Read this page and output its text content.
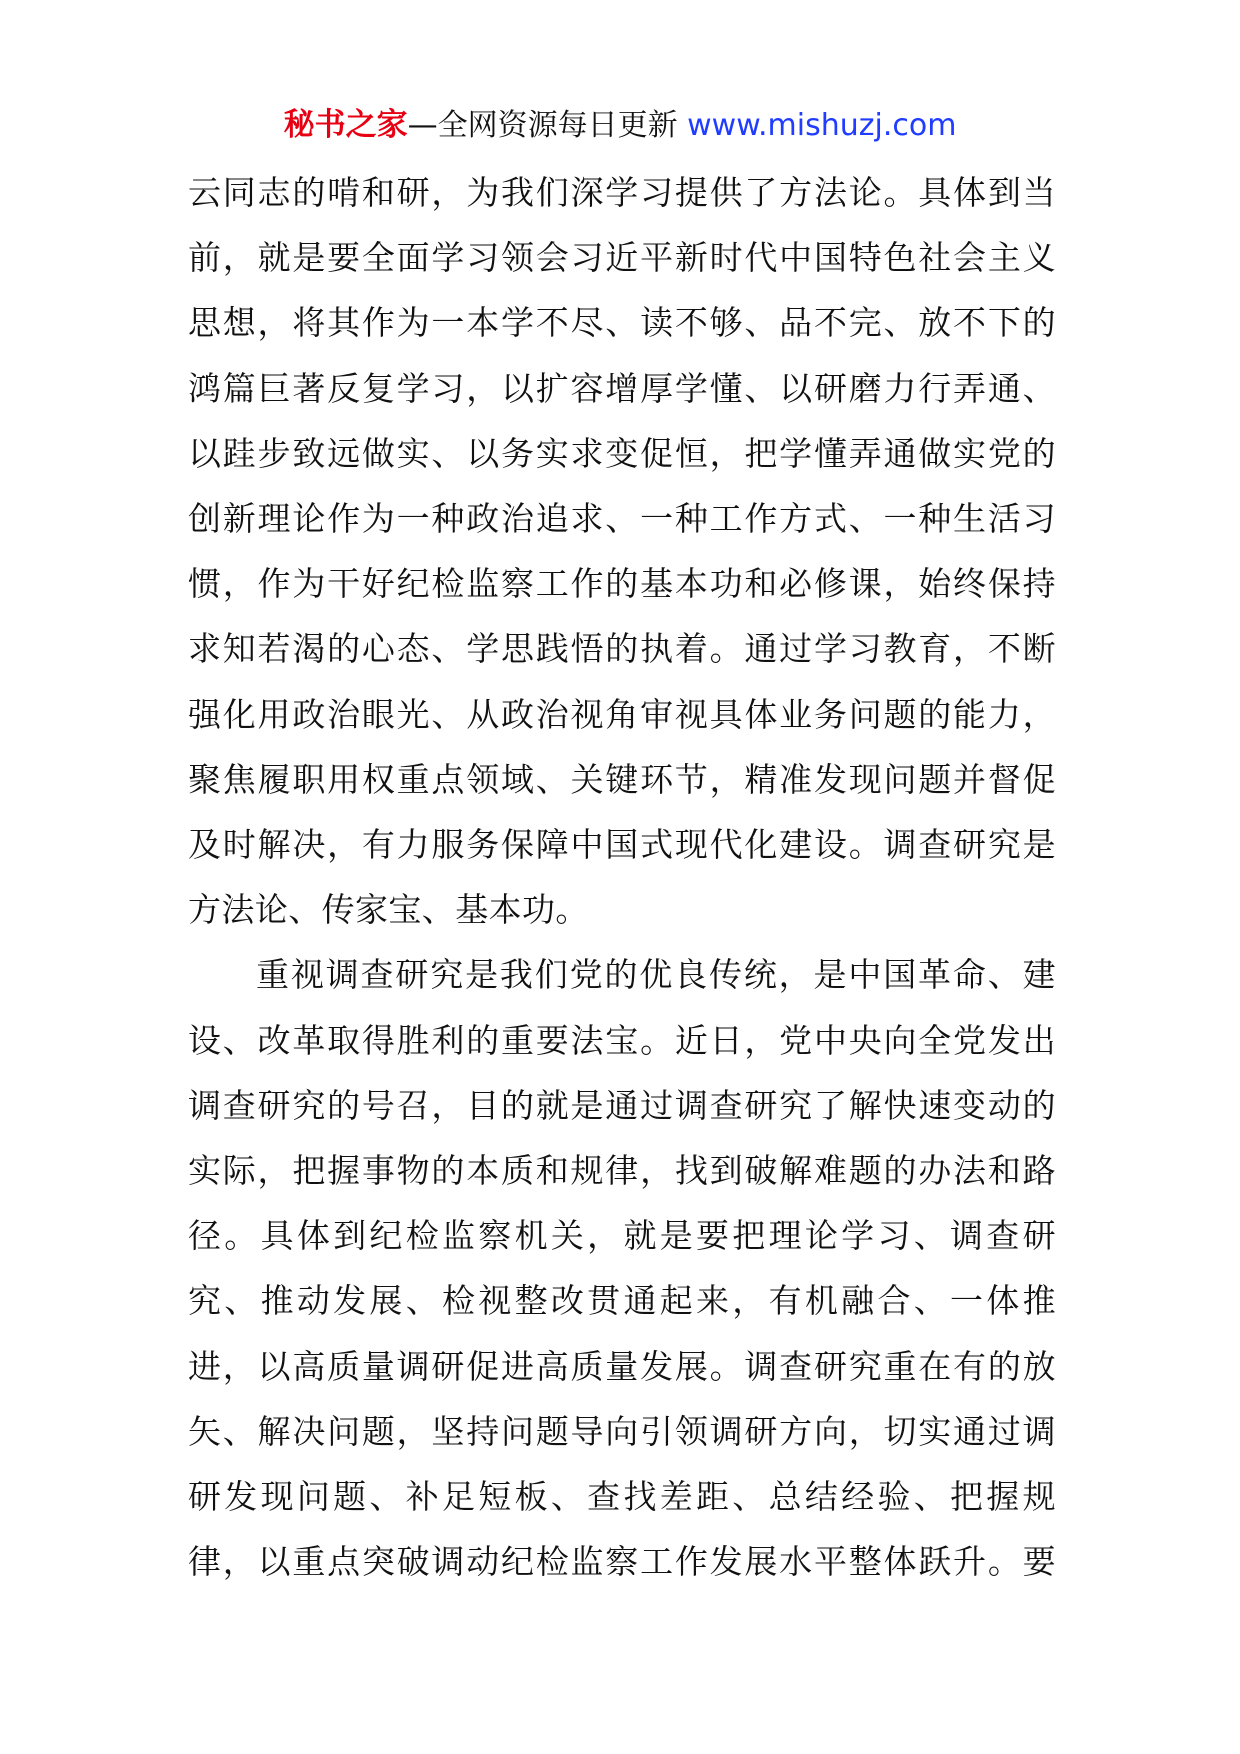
秘书之家—全网资源每日更新 www.mishuzj.com
云同志的啃和研，为我们深学习提供了方法论。具体到当
前，就是要全面学习领会习近平新时代中国特色社会主义
思想，将其作为一本学不尽、读不够、品不完、放不下的
鸿篇巨著反复学习，以扩容增厚学懂、以研磨力行弄通、
以跬步致远做实、以务实求变促恒，把学懂弄通做实党的
创新理论作为一种政治追求、一种工作方式、一种生活习
惯，作为干好纪检监察工作的基本功和必修课，始终保持
求知若渴的心态、学思践悟的执着。通过学习教育，不断
强化用政治眼光、从政治视角审视具体业务问题的能力，
聚焦履职用权重点领域、关键环节，精准发现问题并督促
及时解决，有力服务保障中国式现代化建设。调查研究是
方法论、传家宝、基本功。
重视调查研究是我们党的优良传统，是中国革命、建
设、改革取得胜利的重要法宝。近日，党中央向全党发出
调查研究的号召，目的就是通过调查研究了解快速变动的
实际，把握事物的本质和规律，找到破解难题的办法和路
径。具体到纪检监察机关，就是要把理论学习、调查研
究、推动发展、检视整改贯通起来，有机融合、一体推
进，以高质量调研促进高质量发展。调查研究重在有的放
矢、解决问题，坚持问题导向引领调研方向，切实通过调
研发现问题、补足短板、查找差距、总结经验、把握规
律，以重点突破调动纪检监察工作发展水平整体跃升。要
